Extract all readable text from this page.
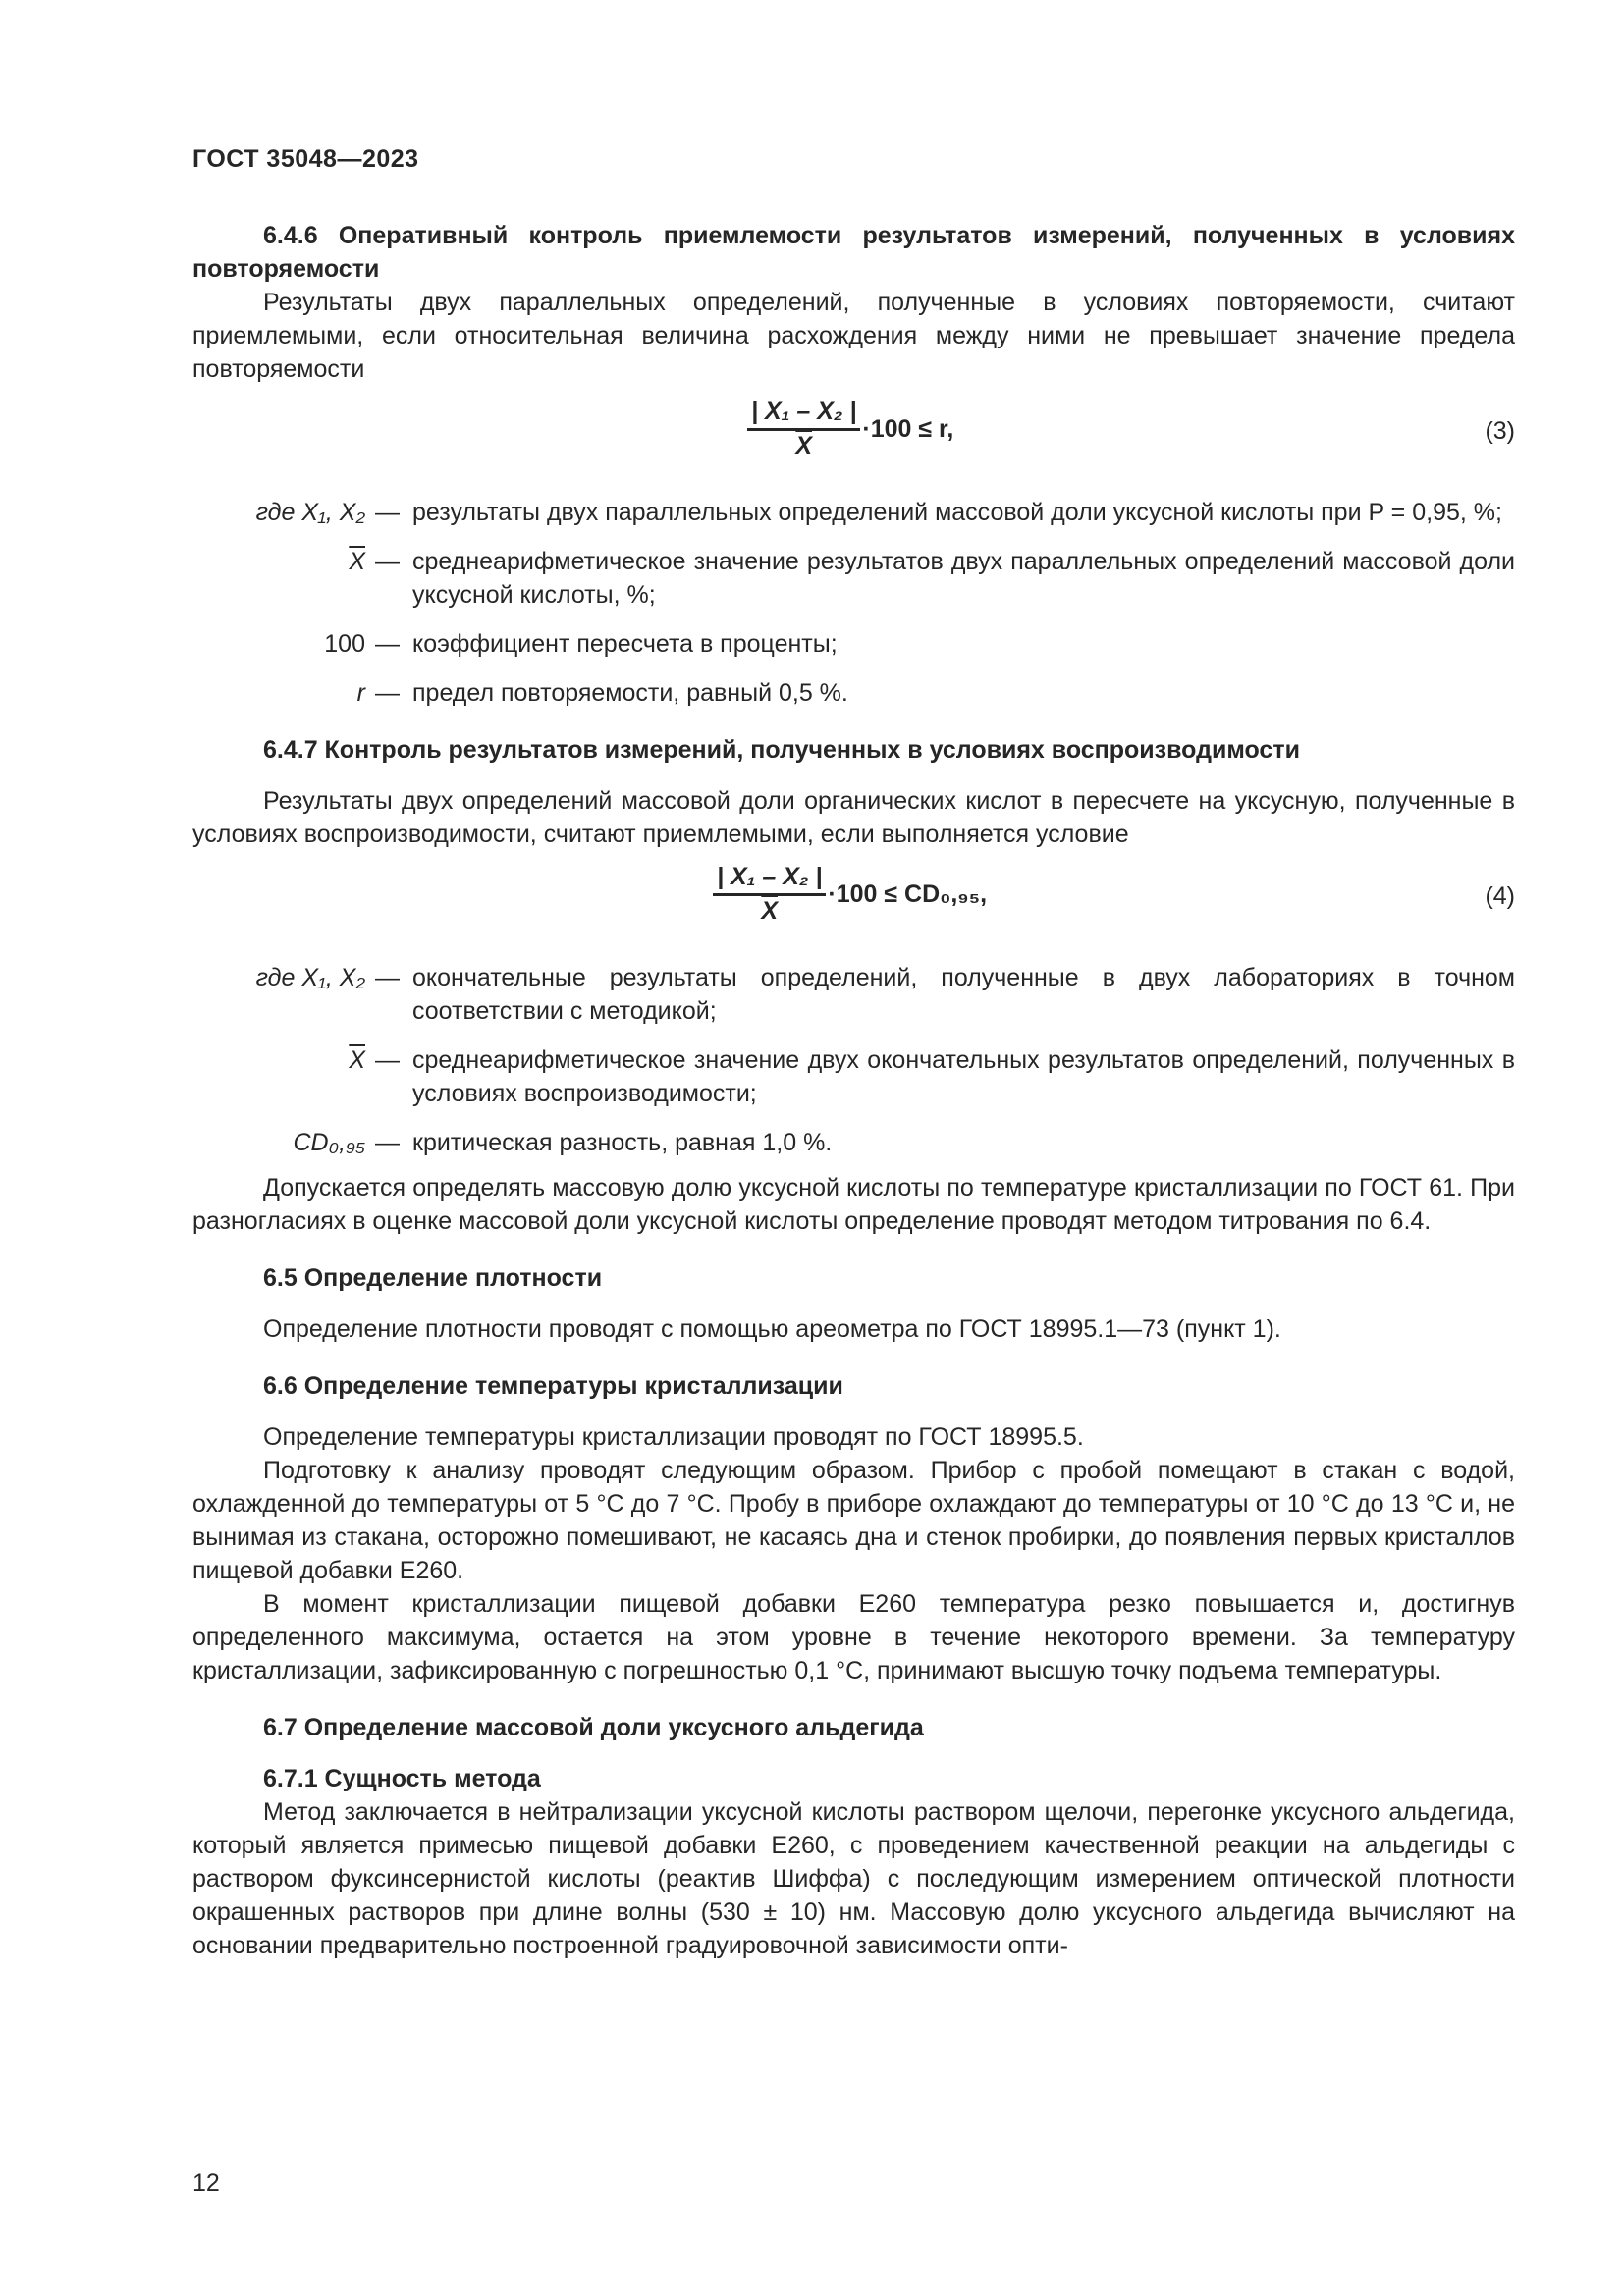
ГОСТ 35048—2023

6.4.6 Оперативный контроль приемлемости результатов измерений, полученных в условиях повторяемости

Результаты двух параллельных определений, полученные в условиях повторяемости, считают приемлемыми, если относительная величина расхождения между ними не превышает значение предела повторяемости

$\frac{\text{| X₁ – X₂ |}}{X} \cdot 100 \le r$,	(3)
где X₁, X₂ — результаты двух параллельных определений массовой доли уксусной кислоты при P = 0,95, %;
$\overline{X}$ — среднеарифметическое значение результатов двух параллельных определений массовой доли уксусной кислоты, %;
100 — коэффициент пересчета в проценты;
r — предел повторяемости, равный 0,5 %.

6.4.7 Контроль результатов измерений, полученных в условиях воспроизводимости

Результаты двух определений массовой доли органических кислот в пересчете на уксусную, полученные в условиях воспроизводимости, считают приемлемыми, если выполняется условие

$\frac{\text{| X₁ – X₂ |}}{X} \cdot 100 \le CD_0,_{95}$,	(4)
где X₁, X₂ — окончательные результаты определений, полученные в двух лабораториях в точном соответствии с методикой;
$\overline{X}$ — среднеарифметическое значение двух окончательных результатов определений, полученных в условиях воспроизводимости;
CD₀,₉₅ — критическая разность, равная 1,0 %.

Допускается определять массовую долю уксусной кислоты по температуре кристаллизации по ГОСТ 61. При разногласиях в оценке массовой доли уксусной кислоты определение проводят методом титрования по 6.4.

6.5 Определение плотности

Определение плотности проводят с помощью ареометра по ГОСТ 18995.1—73 (пункт 1).

6.6 Определение температуры кристаллизации

Определение температуры кристаллизации проводят по ГОСТ 18995.5.

Подготовку к анализу проводят следующим образом. Прибор с пробой помещают в стакан с водой, охлажденной до температуры от 5 °С до 7 °С. Пробу в приборе охлаждают до температуры от 10 °С до 13 °С и, не вынимая из стакана, осторожно помешивают, не касаясь дна и стенок пробирки, до появления первых кристаллов пищевой добавки Е260.

В момент кристаллизации пищевой добавки Е260 температура резко повышается и, достигнув определенного максимума, остается на этом уровне в течение некоторого времени. За температуру кристаллизации, зафиксированную с погрешностью 0,1 °С, принимают высшую точку подъема температуры.

6.7 Определение массовой доли уксусного альдегида

6.7.1 Сущность метода

Метод заключается в нейтрализации уксусной кислоты раствором щелочи, перегонке уксусного альдегида, который является примесью пищевой добавки Е260, с проведением качественной реакции на альдегиды с раствором фуксинсернистой кислоты (реактив Шиффа) с последующим измерением оптической плотности окрашенных растворов при длине волны (530 ± 10) нм. Массовую долю уксусного альдегида вычисляют на основании предварительно построенной градуировочной зависимости опти-

12
